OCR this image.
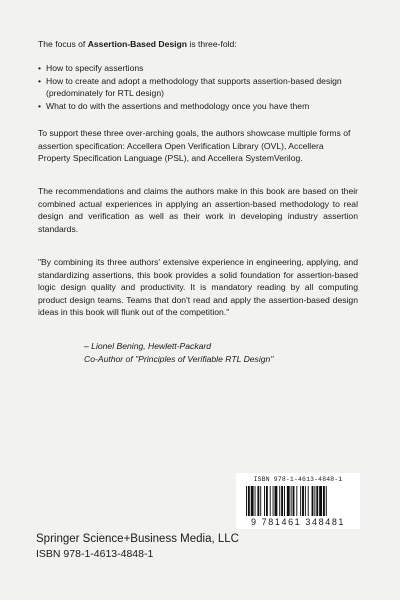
The focus of Assertion-Based Design is three-fold:
• How to specify assertions
• How to create and adopt a methodology that supports assertion-based design (predominately for RTL design)
• What to do with the assertions and methodology once you have them
To support these three over-arching goals, the authors showcase multiple forms of assertion specification: Accellera Open Verification Library (OVL), Accellera Property Specification Language (PSL), and Accellera SystemVerilog.
The recommendations and claims the authors make in this book are based on their combined actual experiences in applying an assertion-based methodology to real design and verification as well as their work in developing industry assertion standards.
"By combining its three authors' extensive experience in engineering, applying, and standardizing assertions, this book provides a solid foundation for assertion-based logic design quality and productivity. It is mandatory reading by all computing product design teams. Teams that don't read and apply the assertion-based design ideas in this book will flunk out of the competition."
– Lionel Bening, Hewlett-Packard
Co-Author of "Principles of Verifiable RTL Design"
ISBN 978-1-4613-4848-1
9 781461 348481
Springer Science+Business Media, LLC
ISBN 978-1-4613-4848-1
